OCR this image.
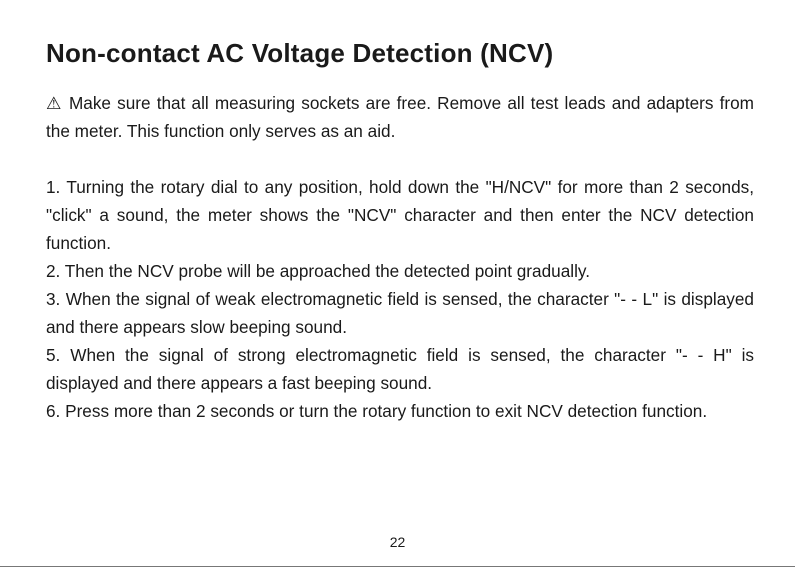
Non-contact AC Voltage Detection (NCV)

⚠ Make sure that all measuring sockets are free. Remove all test leads and adapters from the meter. This function only serves as an aid.

1. Turning the rotary dial to any position, hold down the "H/NCV" for more than 2 seconds, "click" a sound, the meter shows the "NCV" character and then enter the NCV detection function.

2. Then the NCV probe will be approached the detected point gradually.

3. When the signal of weak electromagnetic field is sensed, the character "- - L" is displayed and there appears slow beeping sound.

5. When the signal of strong electromagnetic field is sensed, the character "- - H" is displayed and there appears a fast beeping sound.

6. Press more than 2 seconds or turn the rotary function to exit NCV detection function.

22
